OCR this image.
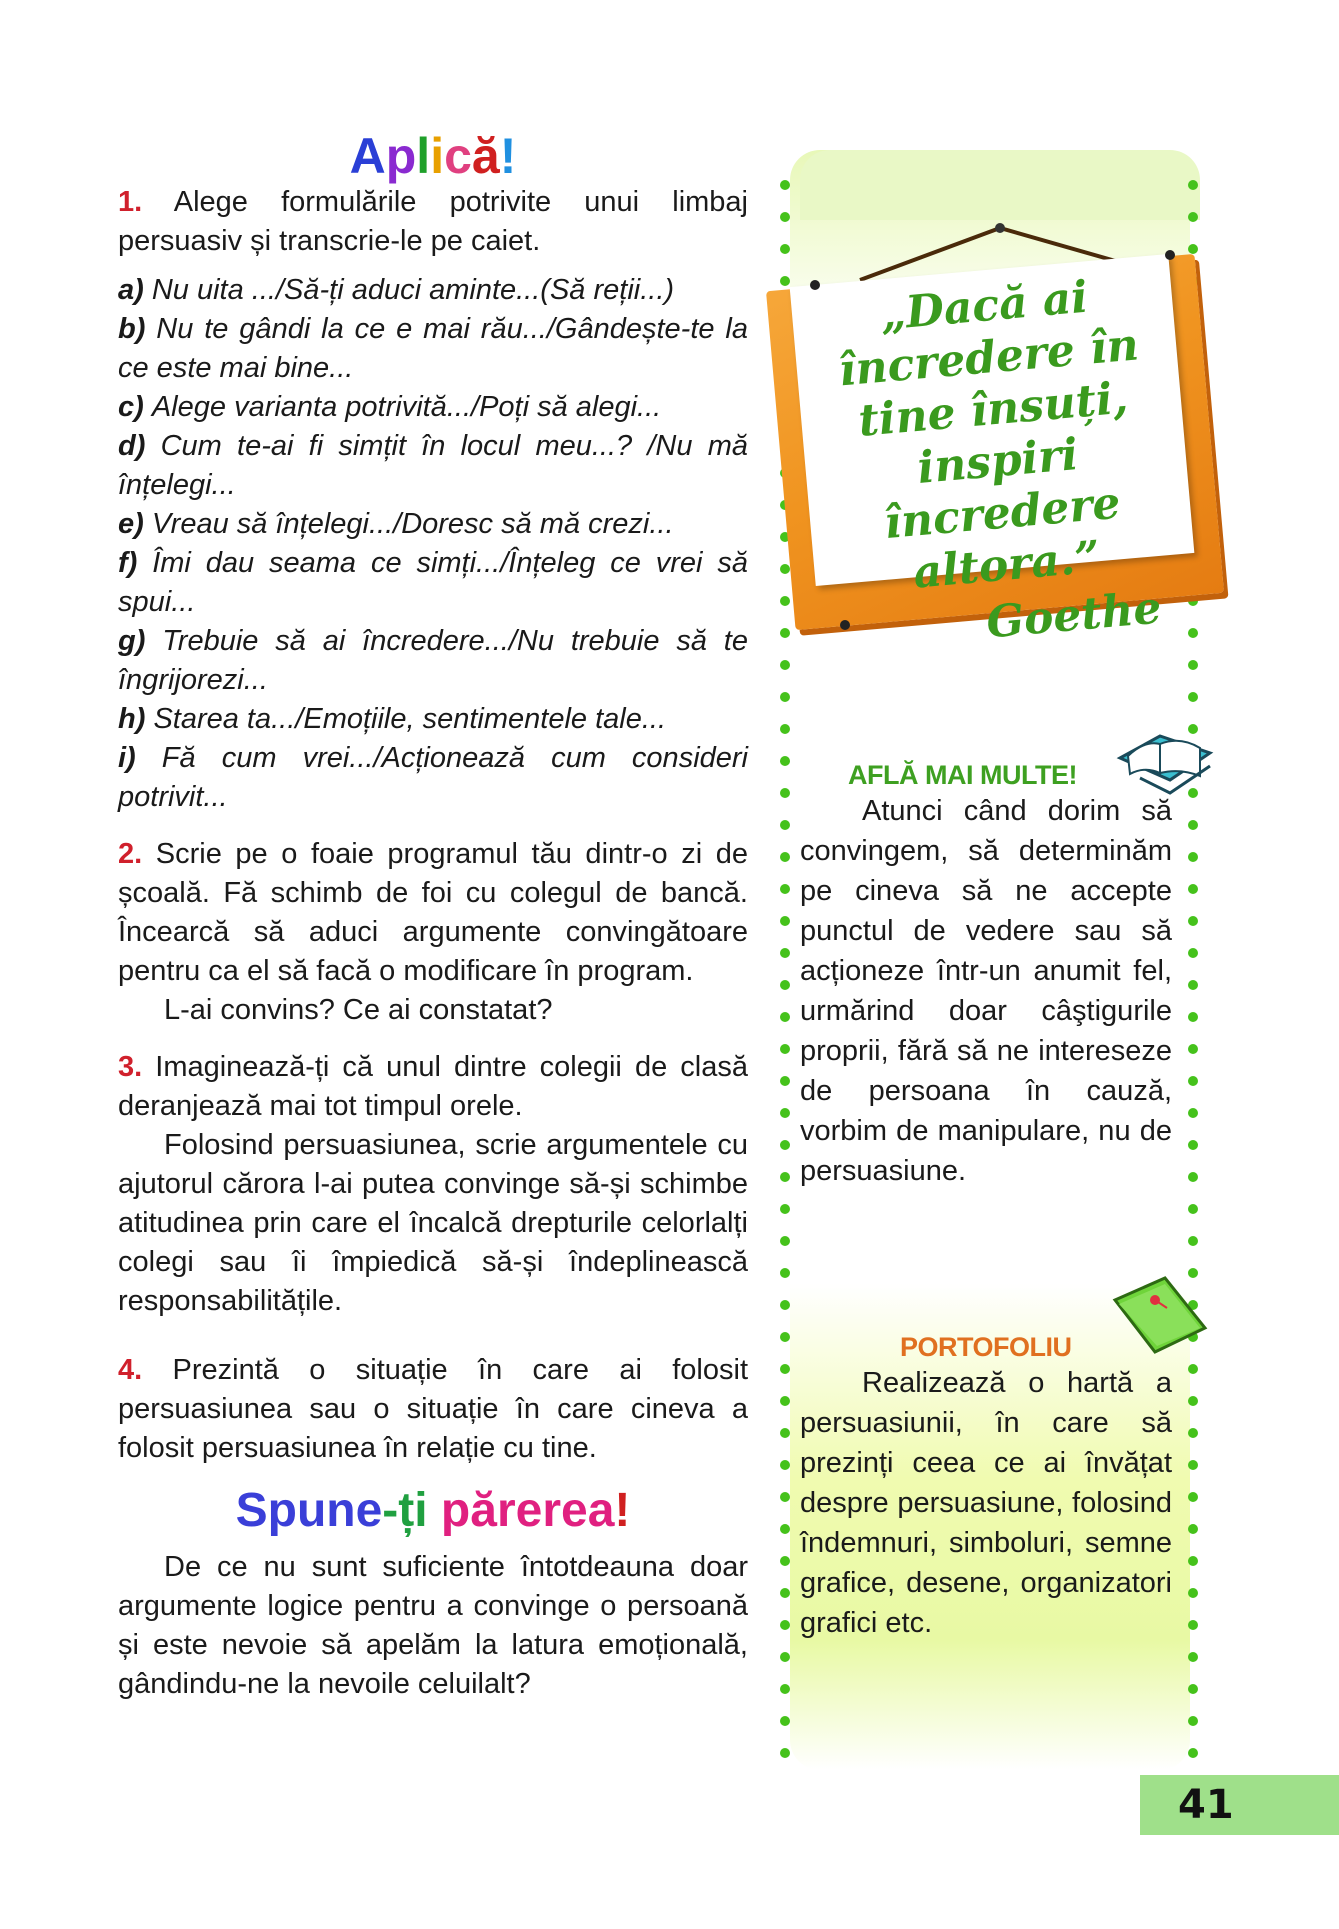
Aplică!

1. Alege formulările potrivite unui limbaj persuasiv și transcrie-le pe caiet.

a) Nu uita .../Să-ți aduci aminte...(Să reții...)

b) Nu te gândi la ce e mai rău.../Gândește-te la ce este mai bine...

c) Alege varianta potrivită.../Poți să alegi...

d) Cum te-ai fi simțit în locul meu...? /Nu mă înțelegi...

e) Vreau să înțelegi.../Doresc să mă crezi...

f) Îmi dau seama ce simți.../Înțeleg ce vrei să spui...

g) Trebuie să ai încredere.../Nu trebuie să te îngrijorezi...

h) Starea ta.../Emoțiile, sentimentele tale...

i) Fă cum vrei.../Acționează cum consideri potrivit...

2. Scrie pe o foaie programul tău dintr-o zi de școală. Fă schimb de foi cu colegul de bancă. Încearcă să aduci argumente convingătoare pentru ca el să facă o modificare în program.

L-ai convins? Ce ai constatat?

3. Imaginează-ți că unul dintre colegii de clasă deranjează mai tot timpul orele.

Folosind persuasiunea, scrie argumentele cu ajutorul cărora l-ai putea convinge să-și schimbe atitudinea prin care el încalcă drepturile celorlalți colegi sau îi împiedică să-și îndeplinească responsabilitățile.

4. Prezintă o situație în care ai folosit persuasiunea sau o situație în care cineva a folosit persuasiunea în relație cu tine.

Spune-ți părerea!

De ce nu sunt suficiente întotdeauna doar argumente logice pentru a convinge o persoană și este nevoie să apelăm la latura emoțională, gândindu-ne la nevoile celuilalt?

„Dacă ai încredere în tine însuți, inspiri încredere altora.”
Goethe

AFLĂ MAI MULTE!

Atunci când dorim să convingem, să determinăm pe cineva să ne accepte punctul de vedere sau să acționeze într-un anumit fel, urmărind doar câştigurile proprii, fără să ne intereseze de persoana în cauză, vorbim de manipulare, nu de persuasiune.

PORTOFOLIU

Realizează o hartă a persuasiunii, în care să prezinți ceea ce ai învățat despre persuasiune, folosind îndemnuri, simboluri, semne grafice, desene, organizatori grafici etc.

41
